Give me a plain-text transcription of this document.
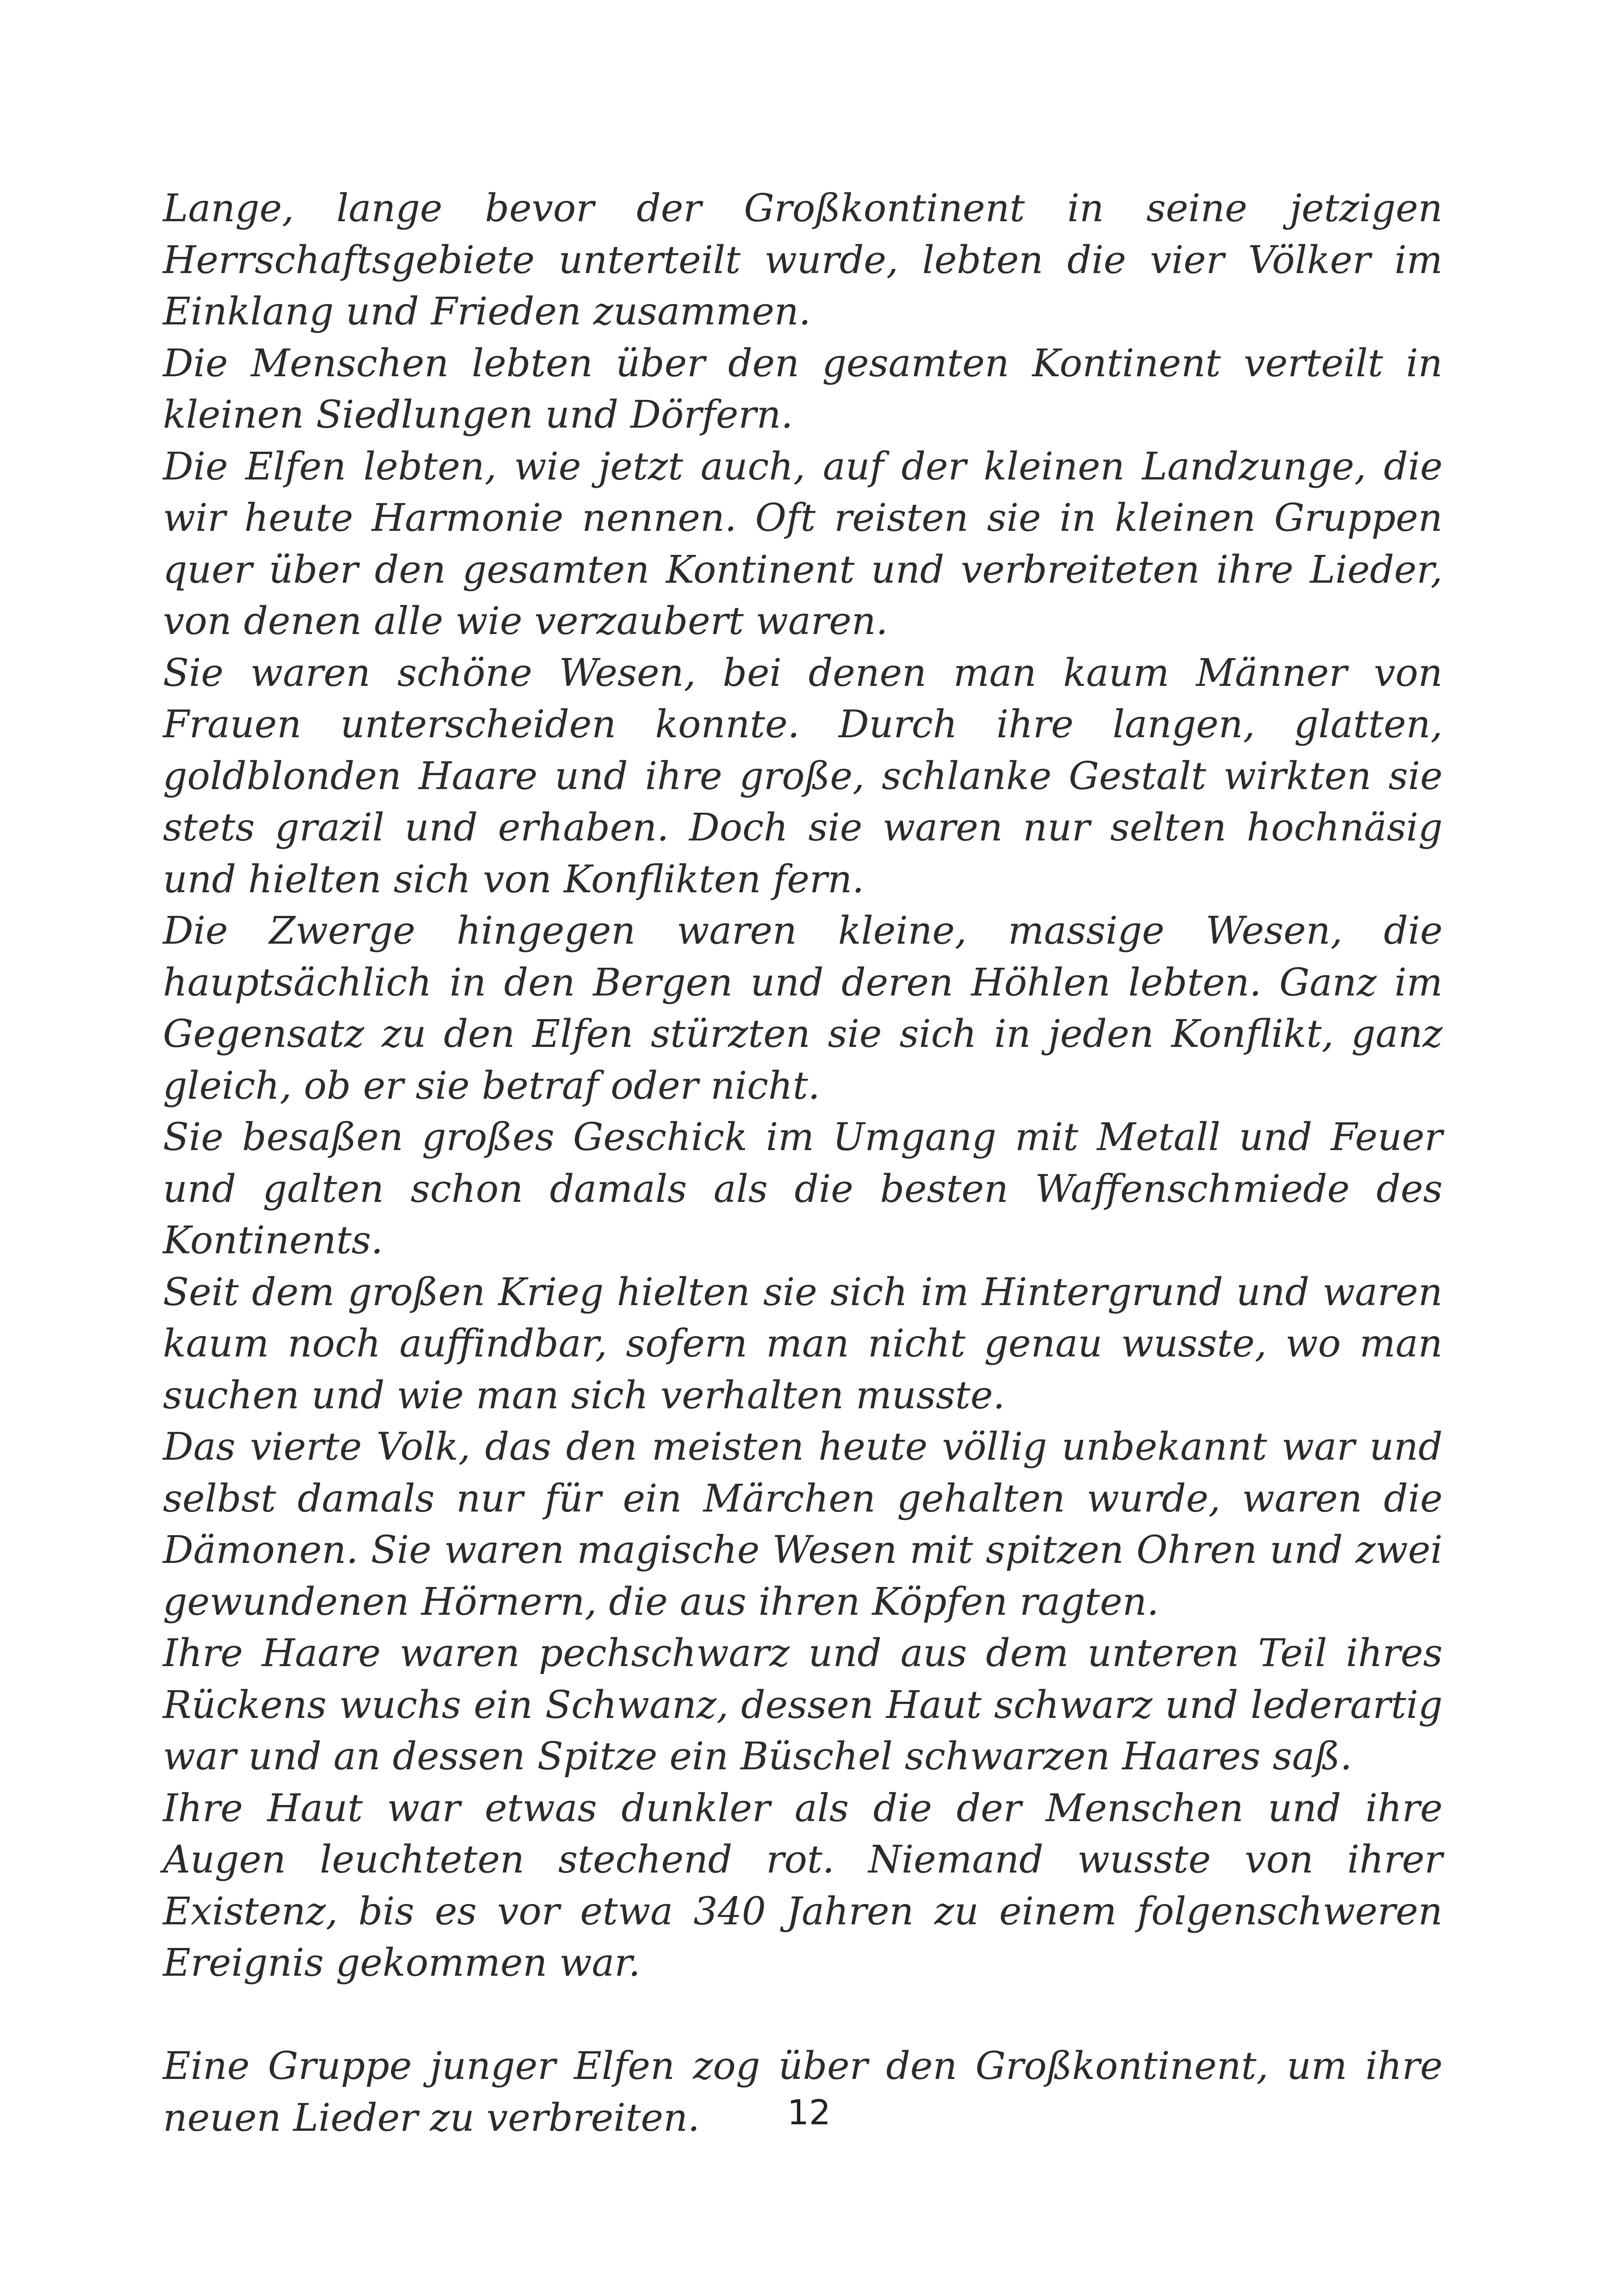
Lange, lange bevor der Großkontinent in seine jetzigen Herrschaftsgebiete unterteilt wurde, lebten die vier Völker im Einklang und Frieden zusammen.

Die Menschen lebten über den gesamten Kontinent verteilt in kleinen Siedlungen und Dörfern.

Die Elfen lebten, wie jetzt auch, auf der kleinen Landzunge, die wir heute Harmonie nennen. Oft reisten sie in kleinen Gruppen quer über den gesamten Kontinent und verbreiteten ihre Lieder, von denen alle wie verzaubert waren.

Sie waren schöne Wesen, bei denen man kaum Männer von Frauen unterscheiden konnte. Durch ihre langen, glatten, goldblonden Haare und ihre große, schlanke Gestalt wirkten sie stets grazil und erhaben. Doch sie waren nur selten hochnäsig und hielten sich von Konflikten fern.

Die Zwerge hingegen waren kleine, massige Wesen, die hauptsächlich in den Bergen und deren Höhlen lebten. Ganz im Gegensatz zu den Elfen stürzten sie sich in jeden Konflikt, ganz gleich, ob er sie betraf oder nicht.

Sie besaßen großes Geschick im Umgang mit Metall und Feuer und galten schon damals als die besten Waffenschmiede des Kontinents.

Seit dem großen Krieg hielten sie sich im Hintergrund und waren kaum noch auffindbar, sofern man nicht genau wusste, wo man suchen und wie man sich verhalten musste.

Das vierte Volk, das den meisten heute völlig unbekannt war und selbst damals nur für ein Märchen gehalten wurde, waren die Dämonen. Sie waren magische Wesen mit spitzen Ohren und zwei gewundenen Hörnern, die aus ihren Köpfen ragten.

Ihre Haare waren pechschwarz und aus dem unteren Teil ihres Rückens wuchs ein Schwanz, dessen Haut schwarz und lederartig war und an dessen Spitze ein Büschel schwarzen Haares saß.

Ihre Haut war etwas dunkler als die der Menschen und ihre Augen leuchteten stechend rot. Niemand wusste von ihrer Existenz, bis es vor etwa 340 Jahren zu einem folgenschweren Ereignis gekommen war.

Eine Gruppe junger Elfen zog über den Großkontinent, um ihre neuen Lieder zu verbreiten.	12
